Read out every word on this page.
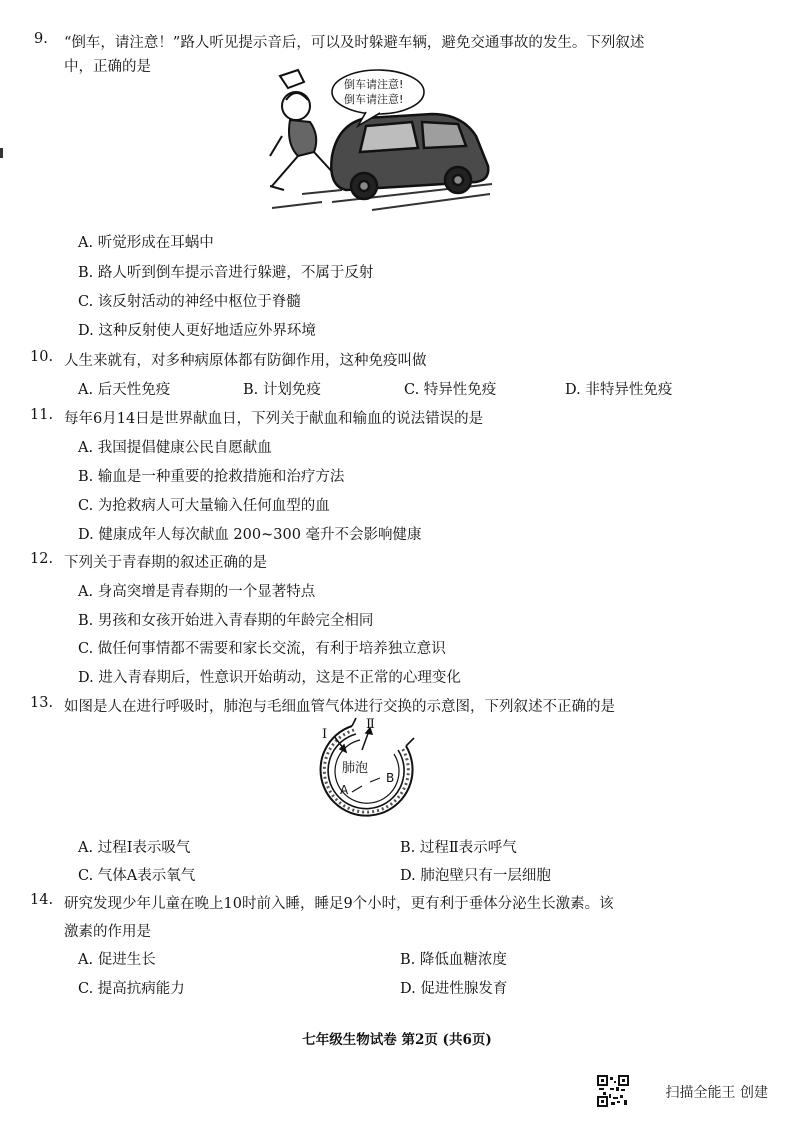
9. “倒车，请注意！”路人听见提示音后，可以及时躲避车辆，避免交通事故的发生。下列叙述
中，正确的是
倒车请注意!
倒车请注意!
A. 听觉形成在耳蜗中
B. 路人听到倒车提示音进行躲避，不属于反射
C. 该反射活动的神经中枢位于脊髓
D. 这种反射使人更好地适应外界环境
10. 人生来就有，对多种病原体都有防御作用，这种免疫叫做
A. 后天性免疫	B. 计划免疫	C. 特异性免疫	D. 非特异性免疫
11. 每年6月14日是世界献血日，下列关于献血和输血的说法错误的是
A. 我国提倡健康公民自愿献血
B. 输血是一种重要的抢救措施和治疗方法
C. 为抢救病人可大量输入任何血型的血
D. 健康成年人每次献血 200~300 毫升不会影响健康
12. 下列关于青春期的叙述正确的是
A. 身高突增是青春期的一个显著特点
B. 男孩和女孩开始进入青春期的年龄完全相同
C. 做任何事情都不需要和家长交流，有利于培养独立意识
D. 进入青春期后，性意识开始萌动，这是不正常的心理变化
13. 如图是人在进行呼吸时，肺泡与毛细血管气体进行交换的示意图，下列叙述不正确的是
Ⅰ
Ⅱ
肺泡
A
B
A. 过程Ⅰ表示吸气	B. 过程Ⅱ表示呼气
C. 气体A表示氧气	D. 肺泡壁只有一层细胞
14. 研究发现少年儿童在晚上10时前入睡，睡足9个小时，更有利于垂体分泌生长激素。该
激素的作用是
A. 促进生长	B. 降低血糖浓度
C. 提高抗病能力	D. 促进性腺发育
七年级生物试卷 第2页 (共6页)
扫描全能王 创建
